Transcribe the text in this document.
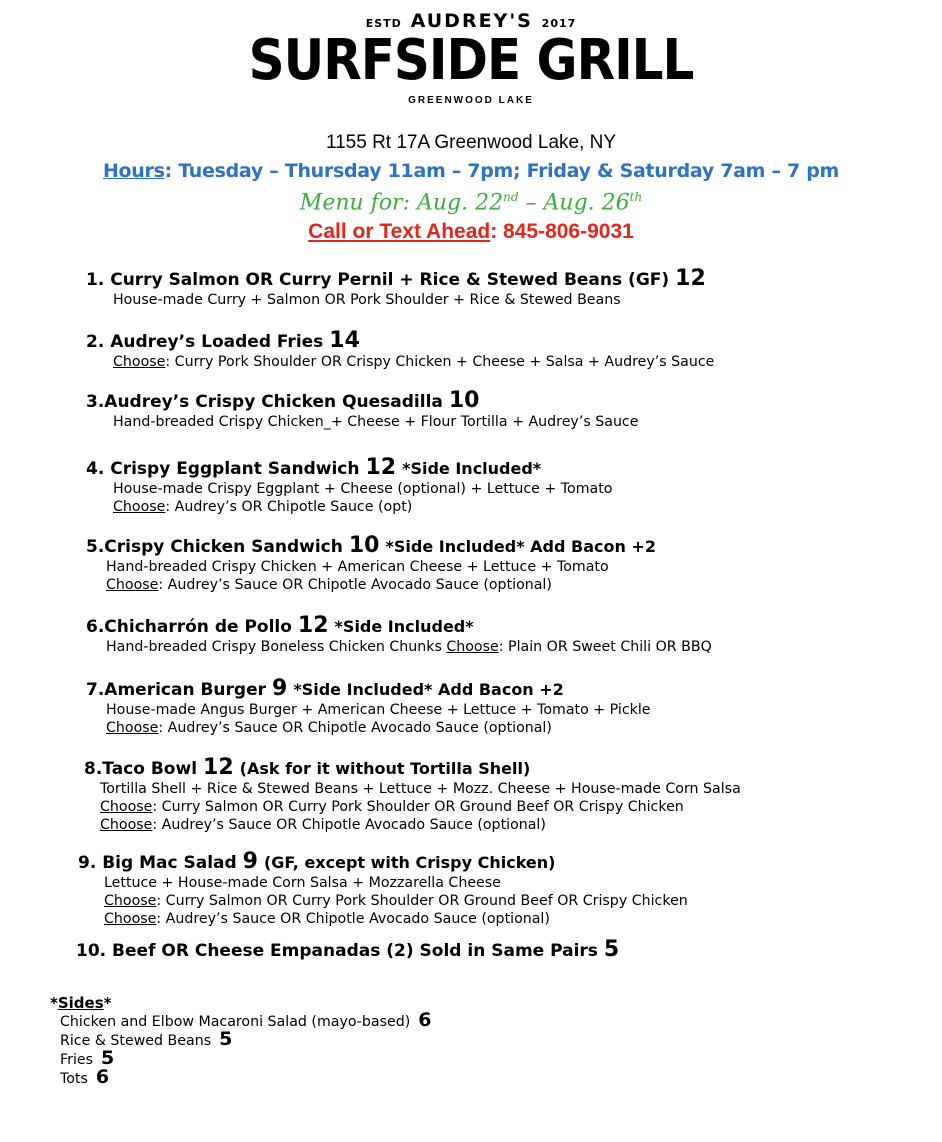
ESTD AUDREY'S 2017
SURFSIDE GRILL
GREENWOOD LAKE
1155 Rt 17A Greenwood Lake, NY
Hours: Tuesday – Thursday 11am – 7pm; Friday & Saturday 7am – 7 pm
Menu for: Aug. 22nd – Aug. 26th
Call or Text Ahead: 845-806-9031
1. Curry Salmon OR Curry Pernil + Rice & Stewed Beans (GF) 12
House-made Curry + Salmon OR Pork Shoulder + Rice & Stewed Beans
2. Audrey’s Loaded Fries 14
Choose: Curry Pork Shoulder OR Crispy Chicken + Cheese + Salsa + Audrey’s Sauce
3.Audrey’s Crispy Chicken Quesadilla 10
Hand-breaded Crispy Chicken_+ Cheese + Flour Tortilla + Audrey’s Sauce
4. Crispy Eggplant Sandwich 12 *Side Included*
House-made Crispy Eggplant + Cheese (optional) + Lettuce + Tomato
Choose: Audrey’s OR Chipotle Sauce (opt)
5.Crispy Chicken Sandwich 10 *Side Included* Add Bacon +2
Hand-breaded Crispy Chicken + American Cheese + Lettuce + Tomato
Choose: Audrey’s Sauce OR Chipotle Avocado Sauce (optional)
6.Chicharrón de Pollo 12 *Side Included*
Hand-breaded Crispy Boneless Chicken Chunks Choose: Plain OR Sweet Chili OR BBQ
7.American Burger 9 *Side Included* Add Bacon +2
House-made Angus Burger + American Cheese + Lettuce + Tomato + Pickle
Choose: Audrey’s Sauce OR Chipotle Avocado Sauce (optional)
8.Taco Bowl 12 (Ask for it without Tortilla Shell)
Tortilla Shell + Rice & Stewed Beans + Lettuce + Mozz. Cheese + House-made Corn Salsa
Choose: Curry Salmon OR Curry Pork Shoulder OR Ground Beef OR Crispy Chicken
Choose: Audrey’s Sauce OR Chipotle Avocado Sauce (optional)
9. Big Mac Salad 9 (GF, except with Crispy Chicken)
Lettuce + House-made Corn Salsa + Mozzarella Cheese
Choose: Curry Salmon OR Curry Pork Shoulder OR Ground Beef OR Crispy Chicken
Choose: Audrey’s Sauce OR Chipotle Avocado Sauce (optional)
10. Beef OR Cheese Empanadas (2) Sold in Same Pairs 5
*Sides*
Chicken and Elbow Macaroni Salad (mayo-based) 6
Rice & Stewed Beans 5
Fries 5
Tots 6
